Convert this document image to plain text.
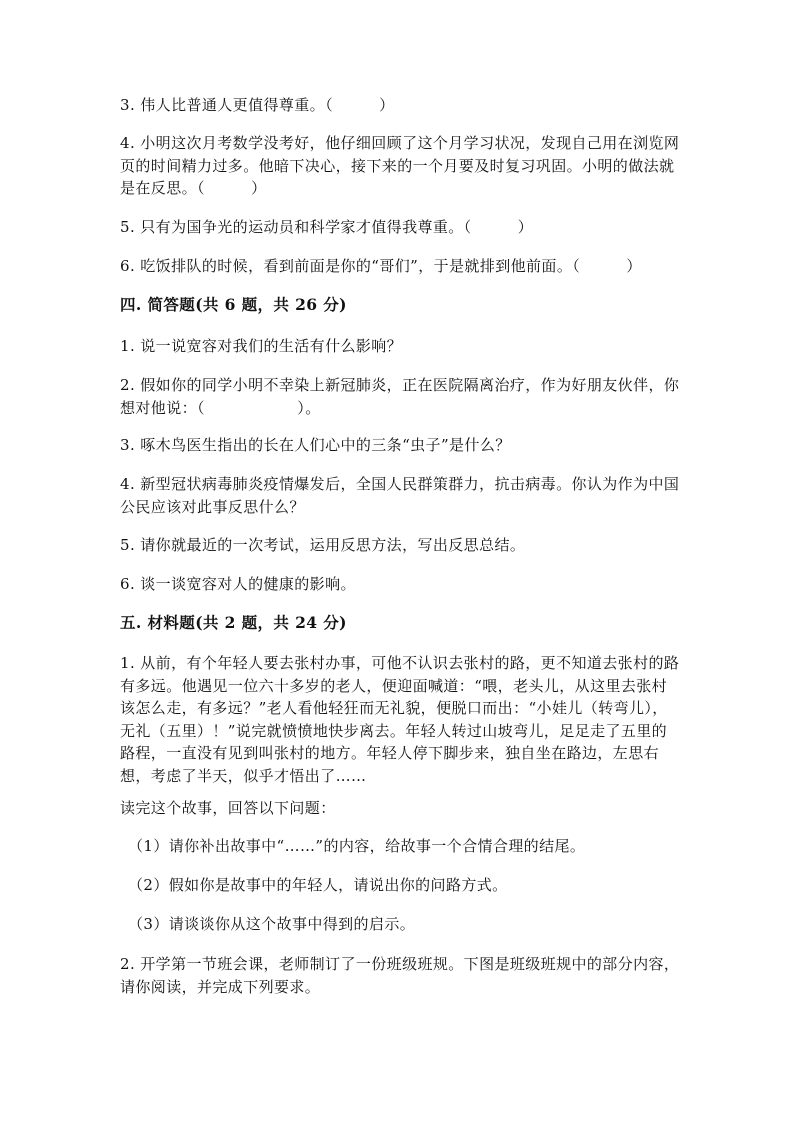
3. 伟人比普通人更值得尊重。（　　　）
4. 小明这次月考数学没考好，他仔细回顾了这个月学习状况，发现自己用在浏览网页的时间精力过多。他暗下决心，接下来的一个月要及时复习巩固。小明的做法就是在反思。（　　　）
5. 只有为国争光的运动员和科学家才值得我尊重。（　　　）
6. 吃饭排队的时候，看到前面是你的“哥们”，于是就排到他前面。（　　　）
四. 简答题(共 6 题，共 26 分)
1. 说一说宽容对我们的生活有什么影响？
2. 假如你的同学小明不幸染上新冠肺炎，正在医院隔离治疗，作为好朋友伙伴，你想对他说：（　　　　　　）。
3. 啄木鸟医生指出的长在人们心中的三条“虫子”是什么？
4. 新型冠状病毒肺炎疫情爆发后，全国人民群策群力，抗击病毒。你认为作为中国公民应该对此事反思什么？
5. 请你就最近的一次考试，运用反思方法，写出反思总结。
6. 谈一谈宽容对人的健康的影响。
五. 材料题(共 2 题，共 24 分)
1. 从前，有个年轻人要去张村办事，可他不认识去张村的路，更不知道去张村的路有多远。他遇见一位六十多岁的老人，便迎面喊道：“喂，老头儿，从这里去张村该怎么走，有多远？”老人看他轻狂而无礼貌，便脱口而出：“小娃儿（转弯儿），无礼（五里）！”说完就愤愤地快步离去。年轻人转过山坡弯儿，足足走了五里的路程，一直没有见到叫张村的地方。年轻人停下脚步来，独自坐在路边，左思右想，考虑了半天，似乎才悟出了……
读完这个故事，回答以下问题：
（1）请你补出故事中“……”的内容，给故事一个合情合理的结尾。
（2）假如你是故事中的年轻人，请说出你的问路方式。
（3）请谈谈你从这个故事中得到的启示。
2. 开学第一节班会课，老师制订了一份班级班规。下图是班级班规中的部分内容，请你阅读，并完成下列要求。
